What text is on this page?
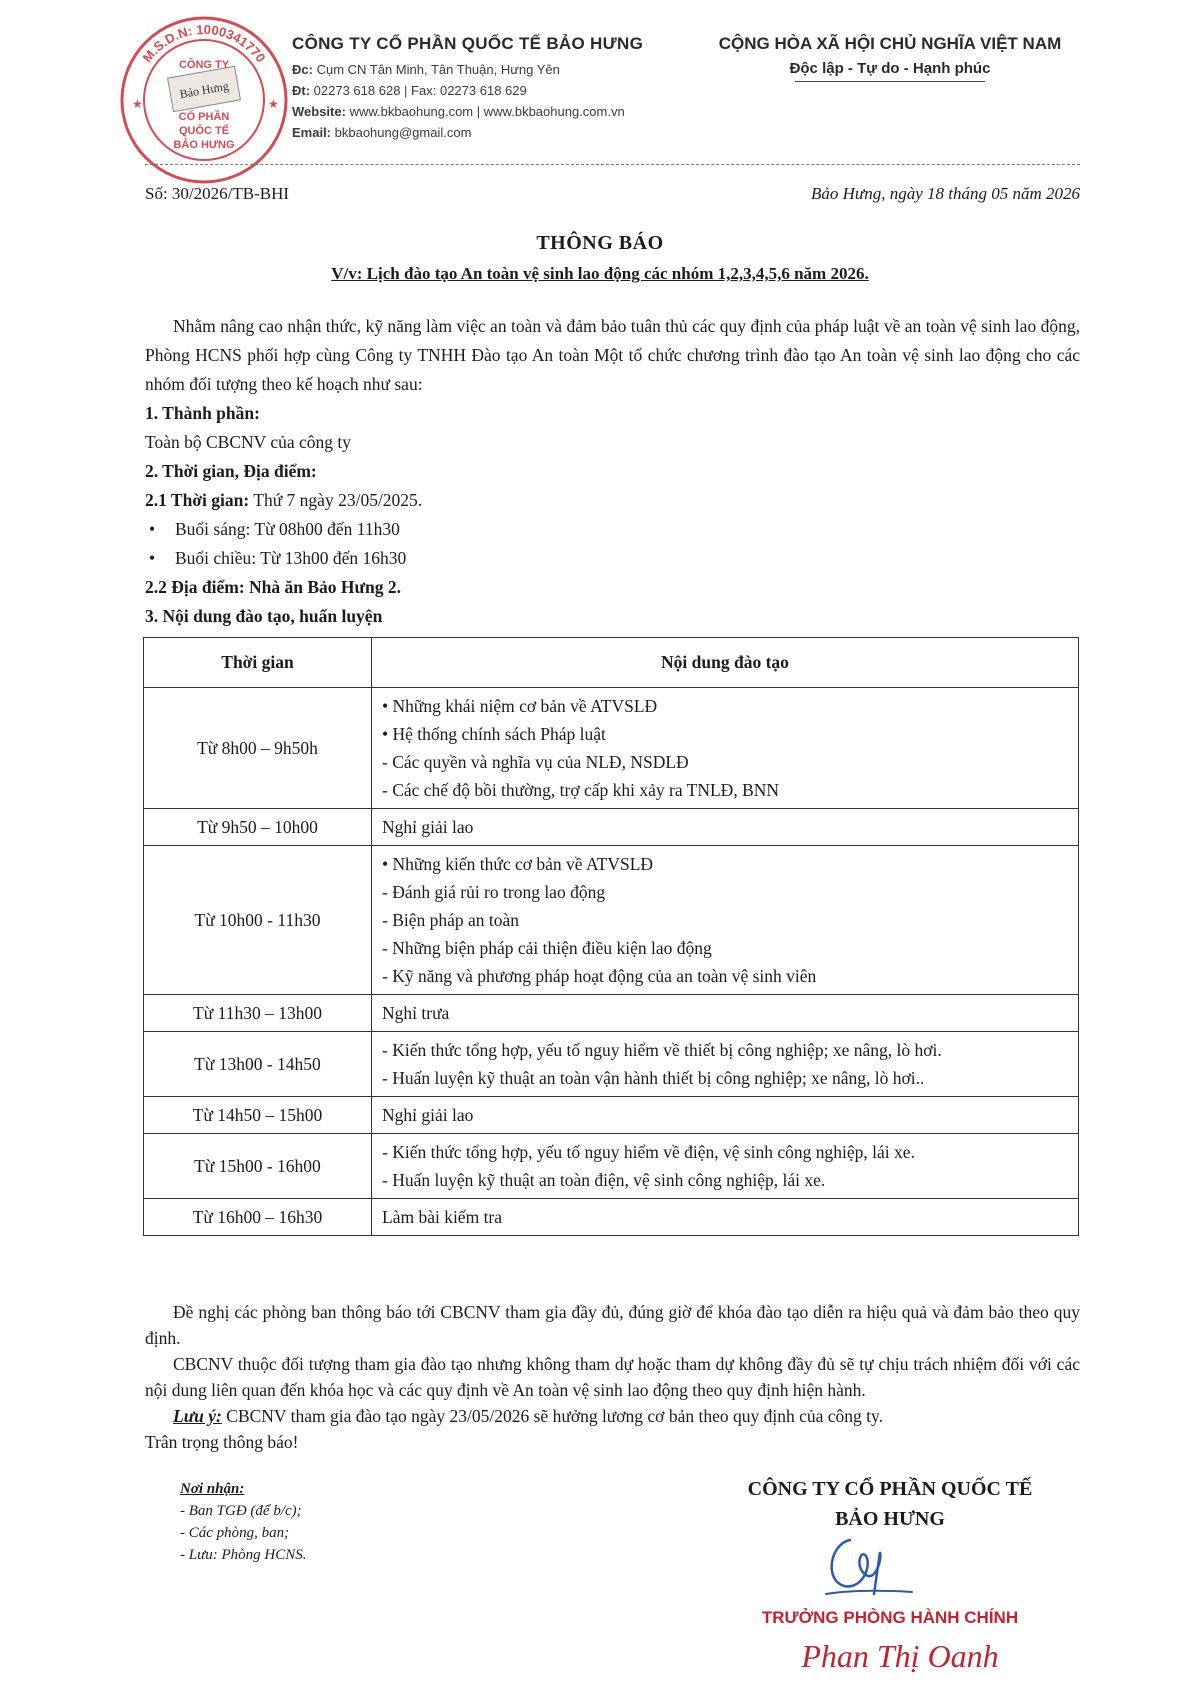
M.S.D.N: 1000341770
★	★
Bảo Hưng
CÔNG TY
CỔ PHẦN
QUỐC TẾ
BẢO HƯNG

CÔNG TY CỔ PHẦN QUỐC TẾ BẢO HƯNG

Đc: Cụm CN Tân Minh, Tân Thuận, Hưng Yên

Đt: 02273 618 628 | Fax: 02273 618 629

Website: www.bkbaohung.com | www.bkbaohung.com.vn

Email: bkbaohung@gmail.com

CỘNG HÒA XÃ HỘI CHỦ NGHĨA VIỆT NAM

Độc lập - Tự do - Hạnh phúc

Số: 30/2026/TB-BHI	Bảo Hưng, ngày 18 tháng 05 năm 2026
THÔNG BÁO
V/v: Lịch đào tạo An toàn vệ sinh lao động các nhóm 1,2,3,4,5,6 năm 2026.

Nhằm nâng cao nhận thức, kỹ năng làm việc an toàn và đảm bảo tuân thủ các quy định của pháp luật về an toàn vệ sinh lao động, Phòng HCNS phối hợp cùng Công ty TNHH Đào tạo An toàn Một tổ chức chương trình đào tạo An toàn vệ sinh lao động cho các nhóm đối tượng theo kế hoạch như sau:

1. Thành phần:

Toàn bộ CBCNV của công ty

2. Thời gian, Địa điểm:

2.1 Thời gian: Thứ 7 ngày 23/05/2025.

• Buổi sáng: Từ 08h00 đến 11h30

• Buổi chiều: Từ 13h00 đến 16h30

2.2 Địa điểm: Nhà ăn Bảo Hưng 2.

3. Nội dung đào tạo, huấn luyện

Thời gian	Nội dung đào tạo
Từ 8h00 – 9h50h	• Những khái niệm cơ bản về ATVSLĐ
• Hệ thống chính sách Pháp luật
- Các quyền và nghĩa vụ của NLĐ, NSDLĐ
- Các chế độ bồi thường, trợ cấp khi xảy ra TNLĐ, BNN

Từ 9h50 – 10h00	Nghỉ giải lao

Từ 10h00 - 11h30	• Những kiến thức cơ bản về ATVSLĐ
- Đánh giá rủi ro trong lao động
- Biện pháp an toàn
- Những biện pháp cải thiện điều kiện lao động
- Kỹ năng và phương pháp hoạt động của an toàn vệ sinh viên

Từ 11h30 – 13h00	Nghỉ trưa

Từ 13h00 - 14h50	- Kiến thức tổng hợp, yếu tố nguy hiểm về thiết bị công nghiệp; xe nâng, lò hơi.
- Huấn luyện kỹ thuật an toàn vận hành thiết bị công nghiệp; xe nâng, lò hơi..

Từ 14h50 – 15h00	Nghỉ giải lao

Từ 15h00 - 16h00	- Kiến thức tổng hợp, yếu tố nguy hiểm về điện, vệ sinh công nghiệp, lái xe.
- Huấn luyện kỹ thuật an toàn điện, vệ sinh công nghiệp, lái xe.

Từ 16h00 – 16h30	Làm bài kiểm tra

Đề nghị các phòng ban thông báo tới CBCNV tham gia đầy đủ, đúng giờ để khóa đào tạo diễn ra hiệu quả và đảm bảo theo quy định.

CBCNV thuộc đối tượng tham gia đào tạo nhưng không tham dự hoặc tham dự không đầy đủ sẽ tự chịu trách nhiệm đối với các nội dung liên quan đến khóa học và các quy định về An toàn vệ sinh lao động theo quy định hiện hành.

Lưu ý: CBCNV tham gia đào tạo ngày 23/05/2026 sẽ hưởng lương cơ bản theo quy định của công ty.

Trân trọng thông báo!

Nơi nhận:
- Ban TGĐ (để b/c);
- Các phòng, ban;
- Lưu: Phòng HCNS.
CÔNG TY CỔ PHẦN QUỐC TẾ
BẢO HƯNG
TRƯỞNG PHÒNG HÀNH CHÍNH
Phan Thị Oanh
